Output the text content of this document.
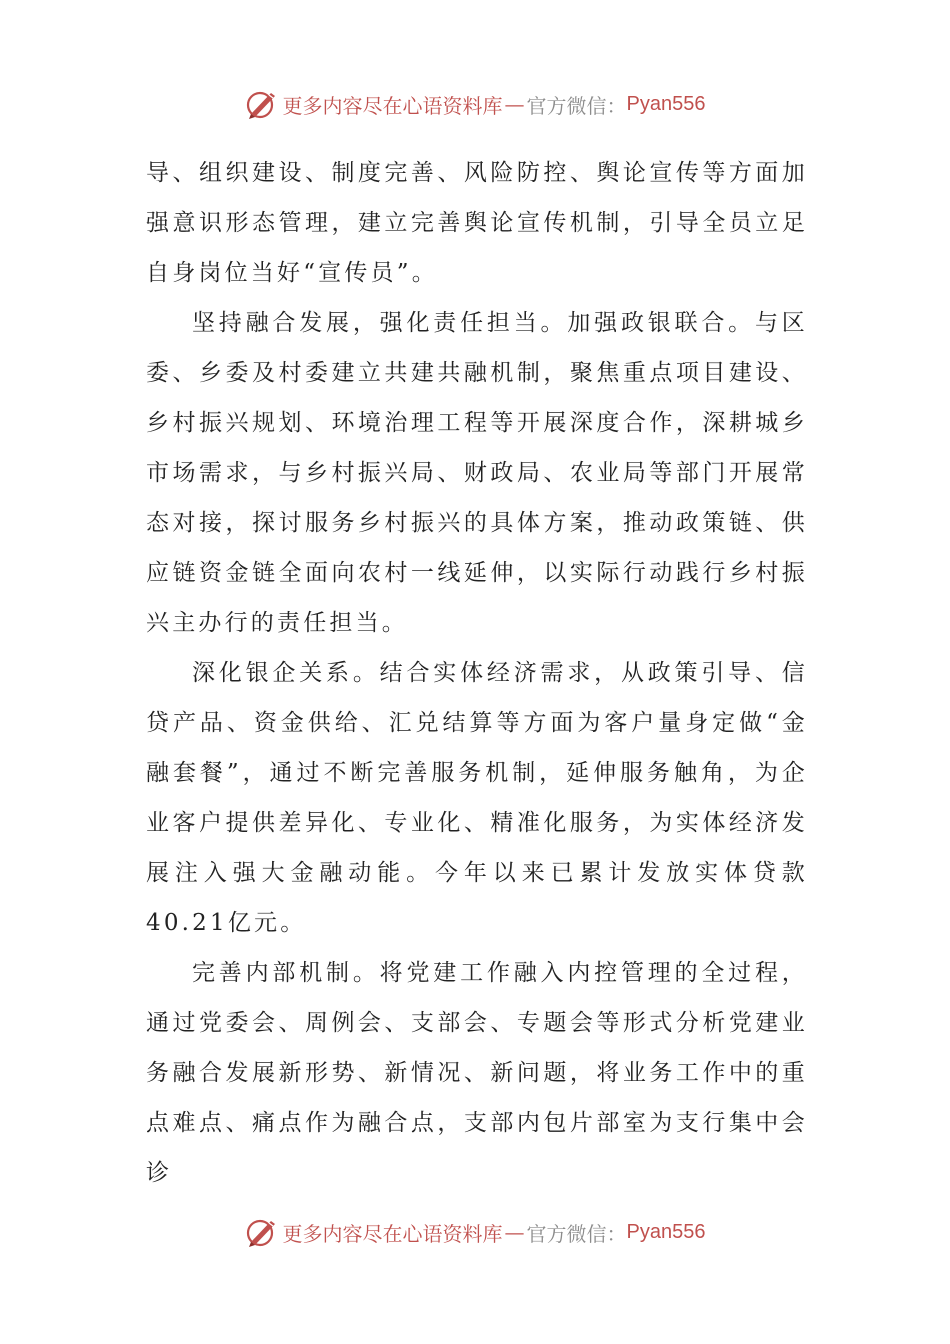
更多内容尽在心语资料库 — 官方微信： Pyan556

导、组织建设、制度完善、风险防控、舆论宣传等方面加强意识形态管理，建立完善舆论宣传机制，引导全员立足自身岗位当好“宣传员”。

坚持融合发展，强化责任担当。加强政银联合。与区委、乡委及村委建立共建共融机制，聚焦重点项目建设、乡村振兴规划、环境治理工程等开展深度合作，深耕城乡市场需求，与乡村振兴局、财政局、农业局等部门开展常态对接，探讨服务乡村振兴的具体方案，推动政策链、供应链资金链全面向农村一线延伸，以实际行动践行乡村振兴主办行的责任担当。

深化银企关系。结合实体经济需求，从政策引导、信贷产品、资金供给、汇兑结算等方面为客户量身定做“金融套餐”，通过不断完善服务机制，延伸服务触角，为企业客户提供差异化、专业化、精准化服务，为实体经济发展注入强大金融动能。今年以来已累计发放实体贷款40.21亿元。

完善内部机制。将党建工作融入内控管理的全过程，通过党委会、周例会、支部会、专题会等形式分析党建业务融合发展新形势、新情况、新问题，将业务工作中的重点难点、痛点作为融合点，支部内包片部室为支行集中会诊

更多内容尽在心语资料库 — 官方微信： Pyan556
